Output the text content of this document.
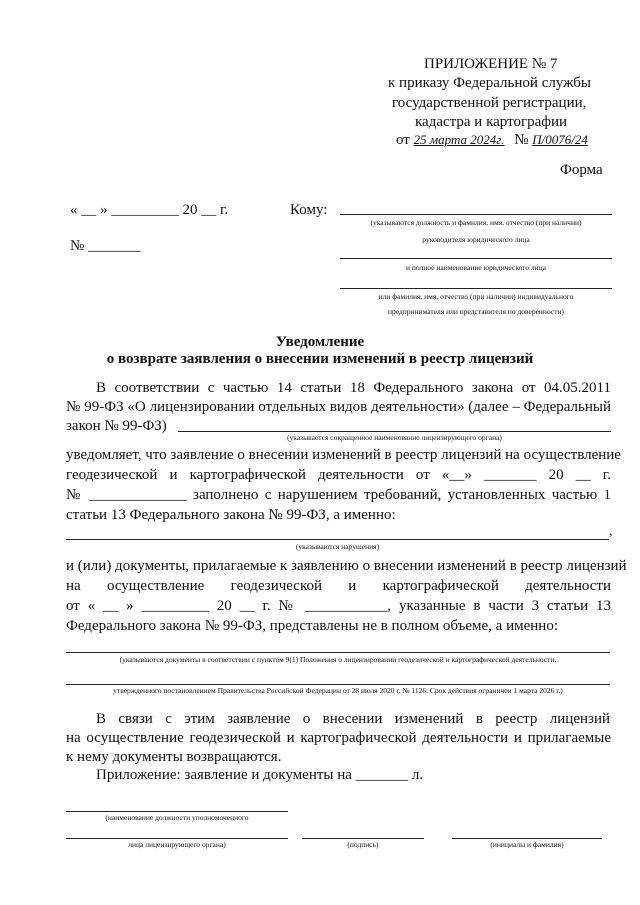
ПРИЛОЖЕНИЕ № 7
к приказу Федеральной службы
государственной регистрации,
кадастра и картографии
от 25 марта 2024г. № П/0076/24
Форма
« __ » _________ 20 __ г.
№ _______
Кому:
(указываются должность и фамилия, имя, отчество (при наличии)
руководителя юридического лица
и полное наименование юридического лица
или фамилия, имя, отчество (при наличии) индивидуального
предпринимателя или представителя по доверенности)
Уведомление
о возврате заявления о внесении изменений в реестр лицензий
В соответствии с частью 14 статьи 18 Федерального закона от 04.05.2011
№ 99-ФЗ «О лицензировании отдельных видов деятельности» (далее – Федеральный
закон № 99-ФЗ)
(указывается сокращенное наименование лицензирующего органа)
уведомляет, что заявление о внесении изменений в реестр лицензий на осуществление
геодезической и картографической деятельности от «__» _______ 20 __ г.
№ _____________ заполнено с нарушением требований, установленных частью 1
статьи 13 Федерального закона № 99-ФЗ, а именно:
,
(указываются нарушения)
и (или) документы, прилагаемые к заявлению о внесении изменений в реестр лицензий
на осуществление геодезической и картографической деятельности
от « __ » _________ 20 __ г. № ___________, указанные в части 3 статьи 13
Федерального закона № 99-ФЗ, представлены не в полном объеме, а именно:
(указываются документы в соответствии с пунктом 9(1) Положения о лицензировании геодезической и картографической деятельности,
утвержденного постановлением Правительства Российской Федерации от 28 июля 2020 г. № 1126. Срок действия ограничен 1 марта 2026 г.)
В связи с этим заявление о внесении изменений в реестр лицензий
на осуществление геодезической и картографической деятельности и прилагаемые
к нему документы возвращаются.
Приложение: заявление и документы на _______ л.
(наименование должности уполномоченного
лица лицензирующего органа)	(подпись)	(инициалы и фамилия)
